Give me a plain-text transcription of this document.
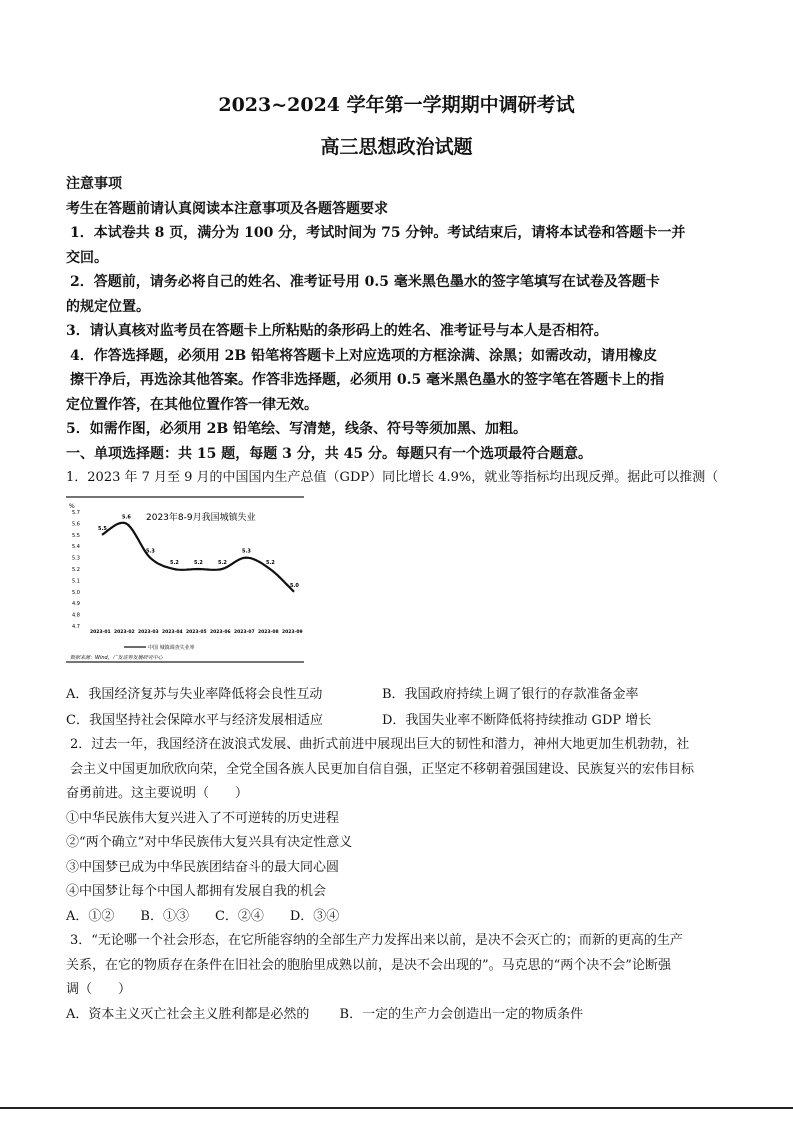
2023~2024 学年第一学期期中调研考试
高三思想政治试题
注意事项
考生在答题前请认真阅读本注意事项及各题答题要求
1．本试卷共 8 页，满分为 100 分，考试时间为 75 分钟。考试结束后，请将本试卷和答题卡一并
交回。
2．答题前，请务必将自己的姓名、准考证号用 0.5 毫米黑色墨水的签字笔填写在试卷及答题卡
的规定位置。
3．请认真核对监考员在答题卡上所粘贴的条形码上的姓名、准考证号与本人是否相符。
4．作答选择题，必须用 2B 铅笔将答题卡上对应选项的方框涂满、涂黑；如需改动，请用橡皮
擦干净后，再选涂其他答案。作答非选择题，必须用 0.5 毫米黑色墨水的签字笔在答题卡上的指
定位置作答，在其他位置作答一律无效。
5．如需作图，必须用 2B 铅笔绘、写清楚，线条、符号等须加黑、加粗。
一、单项选择题：共 15 题，每题 3 分，共 45 分。每题只有一个选项最符合题意。
1．2023 年 7 月至 9 月的中国国内生产总值（GDP）同比增长 4.9%，就业等指标均出现反弹。据此可以推测（
%
2023年8-9月我国城镇失业
5.7
5.6
5.5
5.4
5.3
5.2
5.1
5.0
4.9
4.8
4.7
2023-01 2023-02 2023-03 2023-04 2023-05 2023-06 2023-07 2023-08 2023-09
5.5
5.6
5.3
5.2	5.2	5.2
5.3
5.2
5.0
中国 城镇调查失业率
数据来源：Wind，广发证券发展研究中心
A．我国经济复苏与失业率降低将会良性互动	B．我国政府持续上调了银行的存款准备金率
C．我国坚持社会保障水平与经济发展相适应	D．我国失业率不断降低将持续推动 GDP 增长
2．过去一年，我国经济在波浪式发展、曲折式前进中展现出巨大的韧性和潜力，神州大地更加生机勃勃，社
会主义中国更加欣欣向荣，全党全国各族人民更加自信自强，正坚定不移朝着强国建设、民族复兴的宏伟目标
奋勇前进。这主要说明（　　）
①中华民族伟大复兴进入了不可逆转的历史进程
②“两个确立”对中华民族伟大复兴具有决定性意义
③中国梦已成为中华民族团结奋斗的最大同心圆
④中国梦让每个中国人都拥有发展自我的机会
A．①②　　B．①③　　C．②④　　D．③④
3．“无论哪一个社会形态，在它所能容纳的全部生产力发挥出来以前，是决不会灭亡的；而新的更高的生产
关系，在它的物质存在条件在旧社会的胞胎里成熟以前，是决不会出现的”。马克思的“两个决不会”论断强
调（　　）
A．资本主义灭亡社会主义胜利都是必然的 B．一定的生产力会创造出一定的物质条件
